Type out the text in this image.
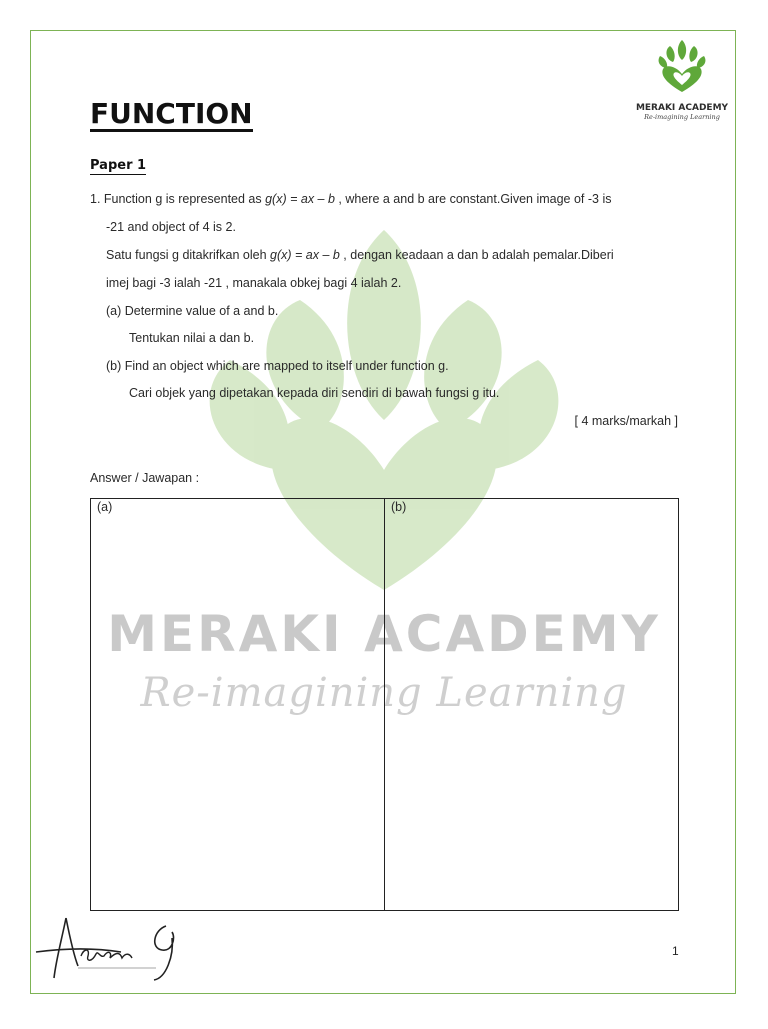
MERAKI ACADEMY
Re-imagining Learning
MERAKI ACADEMY
Re-imagining Learning
FUNCTION
Paper 1
1. Function g is represented as g(x) = ax – b , where a and b are constant.Given image of -3 is
-21 and object of 4 is 2.
Satu fungsi g ditakrifkan oleh g(x) = ax – b , dengan keadaan a dan b adalah pemalar.Diberi
imej bagi -3 ialah -21 , manakala obkej bagi 4 ialah 2.
(a) Determine value of a and b.
Tentukan nilai a dan b.
(b) Find an object which are mapped to itself under function g.
Cari objek yang dipetakan kepada diri sendiri di bawah fungsi g itu.
[ 4 marks/markah ]
Answer / Jawapan :
(a)	(b)
1
